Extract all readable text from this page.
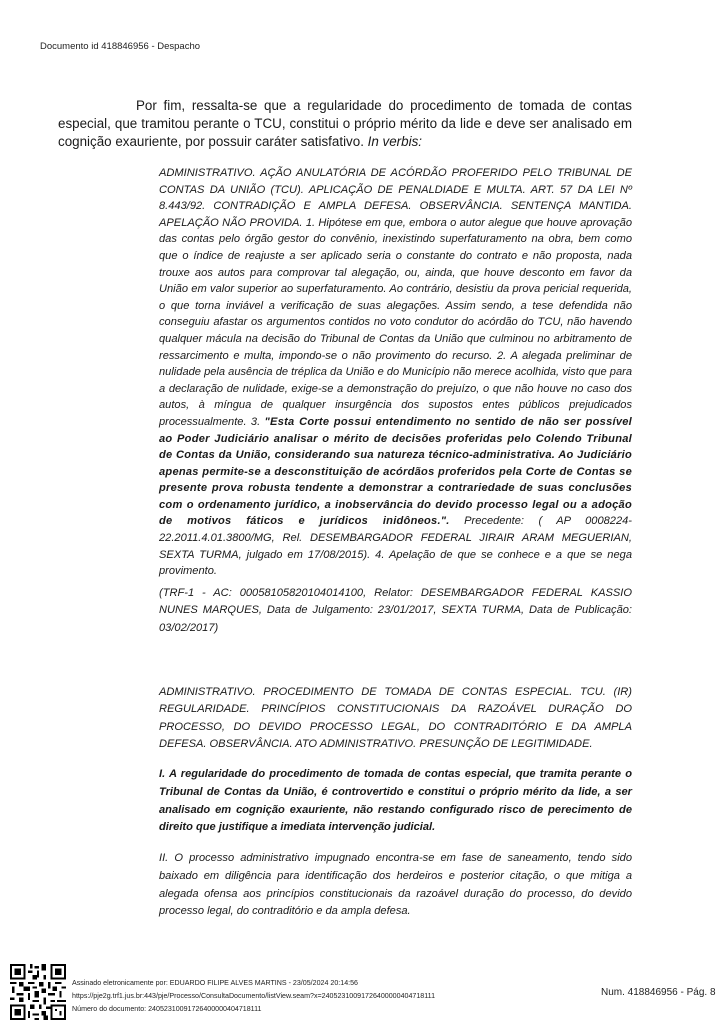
Documento id 418846956 - Despacho

Por fim, ressalta-se que a regularidade do procedimento de tomada de contas especial, que tramitou perante o TCU, constitui o próprio mérito da lide e deve ser analisado em cognição exauriente, por possuir caráter satisfativo. In verbis:

ADMINISTRATIVO. AÇÃO ANULATÓRIA DE ACÓRDÃO PROFERIDO PELO TRIBUNAL DE CONTAS DA UNIÃO (TCU). APLICAÇÃO DE PENALDIADE E MULTA. ART. 57 DA LEI Nº 8.443/92. CONTRADIÇÃO E AMPLA DEFESA. OBSERVÂNCIA. SENTENÇA MANTIDA. APELAÇÃO NÃO PROVIDA. 1. Hipótese em que, embora o autor alegue que houve aprovação das contas pelo órgão gestor do convênio, inexistindo superfaturamento na obra, bem como que o índice de reajuste a ser aplicado seria o constante do contrato e não proposta, nada trouxe aos autos para comprovar tal alegação, ou, ainda, que houve desconto em favor da União em valor superior ao superfaturamento. Ao contrário, desistiu da prova pericial requerida, o que torna inviável a verificação de suas alegações. Assim sendo, a tese defendida não conseguiu afastar os argumentos contidos no voto condutor do acórdão do TCU, não havendo qualquer mácula na decisão do Tribunal de Contas da União que culminou no arbitramento de ressarcimento e multa, impondo-se o não provimento do recurso. 2. A alegada preliminar de nulidade pela ausência de tréplica da União e do Município não merece acolhida, visto que para a declaração de nulidade, exige-se a demonstração do prejuízo, o que não houve no caso dos autos, à míngua de qualquer insurgência dos supostos entes públicos prejudicados processualmente. 3. "Esta Corte possui entendimento no sentido de não ser possível ao Poder Judiciário analisar o mérito de decisões proferidas pelo Colendo Tribunal de Contas da União, considerando sua natureza técnico-administrativa. Ao Judiciário apenas permite-se a desconstituição de acórdãos proferidos pela Corte de Contas se presente prova robusta tendente a demonstrar a contrariedade de suas conclusões com o ordenamento jurídico, a inobservância do devido processo legal ou a adoção de motivos fáticos e jurídicos inidôneos.". Precedente: ( AP 0008224-22.2011.4.01.3800/MG, Rel. DESEMBARGADOR FEDERAL JIRAIR ARAM MEGUERIAN, SEXTA TURMA, julgado em 17/08/2015). 4. Apelação de que se conhece e a que se nega provimento.

(TRF-1 - AC: 00058105820104014100, Relator: DESEMBARGADOR FEDERAL KASSIO NUNES MARQUES, Data de Julgamento: 23/01/2017, SEXTA TURMA, Data de Publicação: 03/02/2017)

ADMINISTRATIVO. PROCEDIMENTO DE TOMADA DE CONTAS ESPECIAL. TCU. (IR) REGULARIDADE. PRINCÍPIOS CONSTITUCIONAIS DA RAZOÁVEL DURAÇÃO DO PROCESSO, DO DEVIDO PROCESSO LEGAL, DO CONTRADITÓRIO E DA AMPLA DEFESA. OBSERVÂNCIA. ATO ADMINISTRATIVO. PRESUNÇÃO DE LEGITIMIDADE.

I. A regularidade do procedimento de tomada de contas especial, que tramita perante o Tribunal de Contas da União, é controvertido e constitui o próprio mérito da lide, a ser analisado em cognição exauriente, não restando configurado risco de perecimento de direito que justifique a imediata intervenção judicial.

II. O processo administrativo impugnado encontra-se em fase de saneamento, tendo sido baixado em diligência para identificação dos herdeiros e posterior citação, o que mitiga a alegada ofensa aos princípios constitucionais da razoável duração do processo, do devido processo legal, do contraditório e da ampla defesa.

Assinado eletronicamente por: EDUARDO FILIPE ALVES MARTINS - 23/05/2024 20:14:56
https://pje2g.trf1.jus.br:443/pje/Processo/ConsultaDocumento/listView.seam?x=24052310091726400000404718111
Número do documento: 24052310091726400000404718111
Num. 418846956 - Pág. 8
